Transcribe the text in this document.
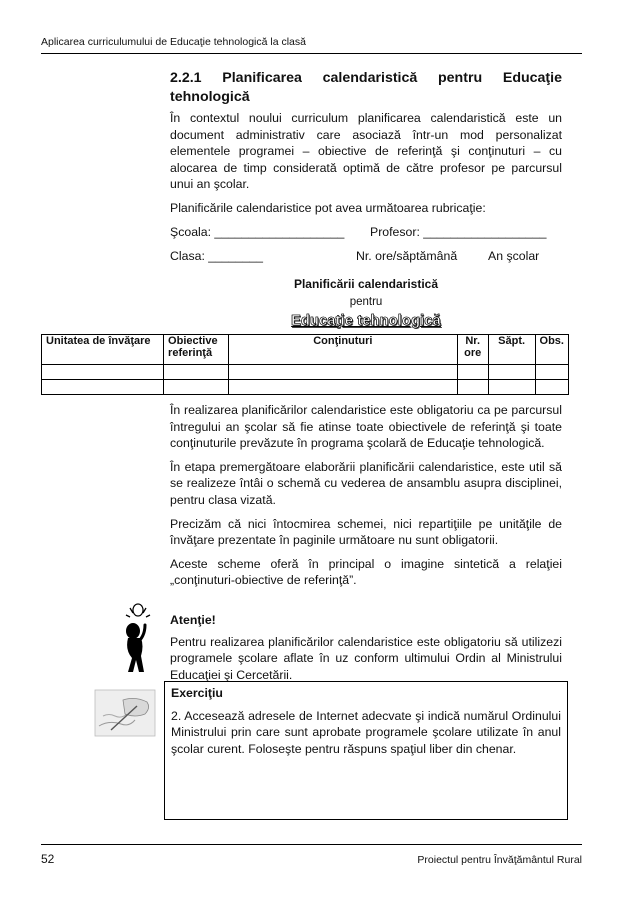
Aplicarea curriculumului de Educaţie tehnologică la clasă
2.2.1 Planificarea calendaristică pentru Educaţie
tehnologică

În contextul noului curriculum planificarea calendaristică este un document administrativ care asociază într-un mod personalizat elementele programei – obiective de referinţă şi conţinuturi – cu alocarea de timp considerată optimă de către profesor pe parcursul unui an şcolar.

Planificările calendaristice pot avea următoarea rubricaţie:

Şcoala: ___________________ Profesor: __________________
Clasa: ________	Nr. ore/săptămână	An şcolar
Planificării calendaristică
pentru
Educaţie tehnologică
Unitatea de învăţare	Obiective referinţă	Conţinuturi	Nr. ore	Săpt.	Obs.

În realizarea planificărilor calendaristice este obligatoriu ca pe parcursul întregului an şcolar să fie atinse toate obiectivele de referinţă şi toate conţinuturile prevăzute în programa şcolară de Educaţie tehnologică.

În etapa premergătoare elaborării planificării calendaristice, este util să se realizeze întâi o schemă cu vederea de ansamblu asupra disciplinei, pentru clasa vizată.

Precizăm că nici întocmirea schemei, nici repartiţiile pe unităţile de învăţare prezentate în paginile următoare nu sunt obligatorii.

Aceste scheme oferă în principal o imagine sintetică a relaţiei „conţinuturi-obiective de referinţă”.

Atenţie!

Pentru realizarea planificărilor calendaristice este obligatoriu să utilizezi programele şcolare aflate în uz conform ultimului Ordin al Ministrului Educaţiei şi Cercetării.

Exerciţiu
2. Accesează adresele de Internet adecvate şi indică numărul Ordinului Ministrului prin care sunt aprobate programele şcolare utilizate în anul şcolar curent. Foloseşte pentru răspuns spaţiul liber din chenar.
52	Proiectul pentru Învăţământul Rural
